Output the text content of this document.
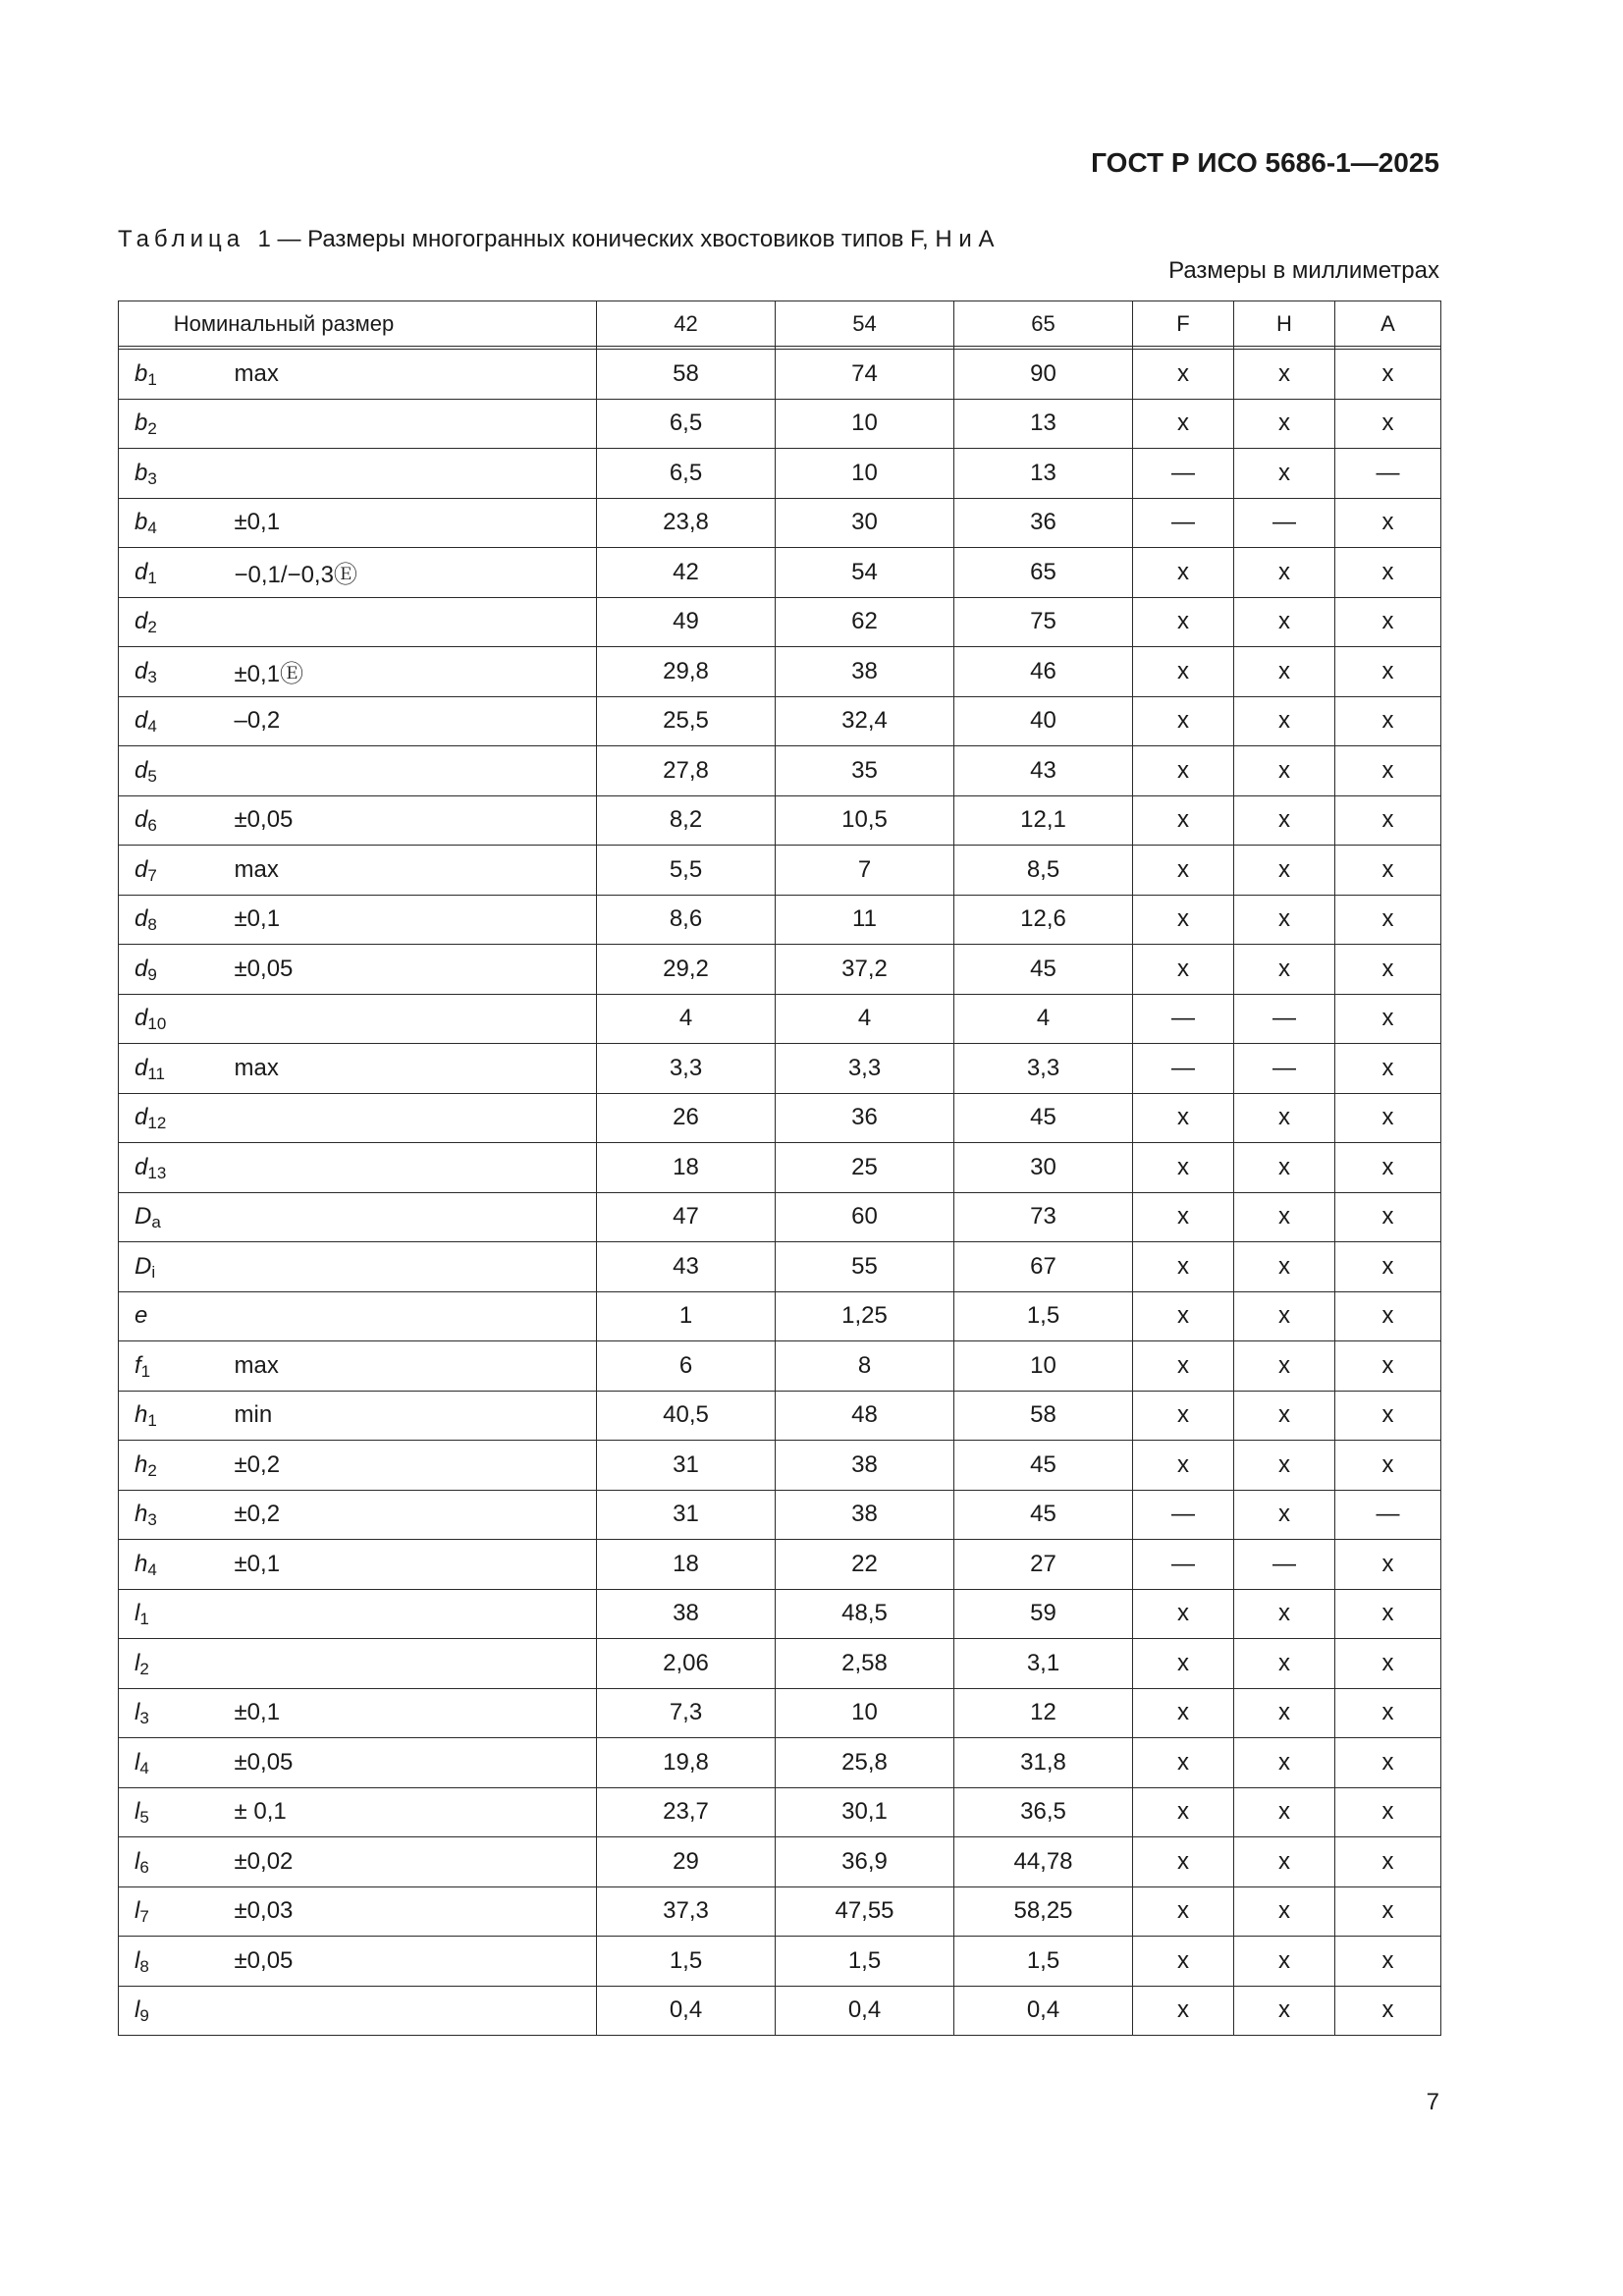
ГОСТ Р ИСО 5686-1—2025
Таблица 1 — Размеры многогранных конических хвостовиков типов F, H и A
Размеры в миллиметрах
Номинальный размер		42	54	65	F	H	A

$b_1$	max	58	74	90	x	x	x
$b_2$		6,5	10	13	x	x	x
$b_3$		6,5	10	13	—	x	—
$b_4$	±0,1	23,8	30	36	—	—	x
$d_1$	−0,1/−0,3Ⓔ	42	54	65	x	x	x
$d_2$		49	62	75	x	x	x
$d_3$	±0,1Ⓔ	29,8	38	46	x	x	x
$d_4$	–0,2	25,5	32,4	40	x	x	x
$d_5$		27,8	35	43	x	x	x
$d_6$	±0,05	8,2	10,5	12,1	x	x	x
$d_7$	max	5,5	7	8,5	x	x	x
$d_8$	±0,1	8,6	11	12,6	x	x	x
$d_9$	±0,05	29,2	37,2	45	x	x	x
$d_{10}$		4	4	4	—	—	x
$d_{11}$	max	3,3	3,3	3,3	—	—	x
$d_{12}$		26	36	45	x	x	x
$d_{13}$		18	25	30	x	x	x
$D_a$		47	60	73	x	x	x
$D_i$		43	55	67	x	x	x
e		1	1,25	1,5	x	x	x
$f_1$	max	6	8	10	x	x	x
$h_1$	min	40,5	48	58	x	x	x
$h_2$	±0,2	31	38	45	x	x	x
$h_3$	±0,2	31	38	45	—	x	—
$h_4$	±0,1	18	22	27	—	—	x
$l_1$		38	48,5	59	x	x	x
$l_2$		2,06	2,58	3,1	x	x	x
$l_3$	±0,1	7,3	10	12	x	x	x
$l_4$	±0,05	19,8	25,8	31,8	x	x	x
$l_5$	± 0,1	23,7	30,1	36,5	x	x	x
$l_6$	±0,02	29	36,9	44,78	x	x	x
$l_7$	±0,03	37,3	47,55	58,25	x	x	x
$l_8$	±0,05	1,5	1,5	1,5	x	x	x
$l_9$		0,4	0,4	0,4	x	x	x
7
